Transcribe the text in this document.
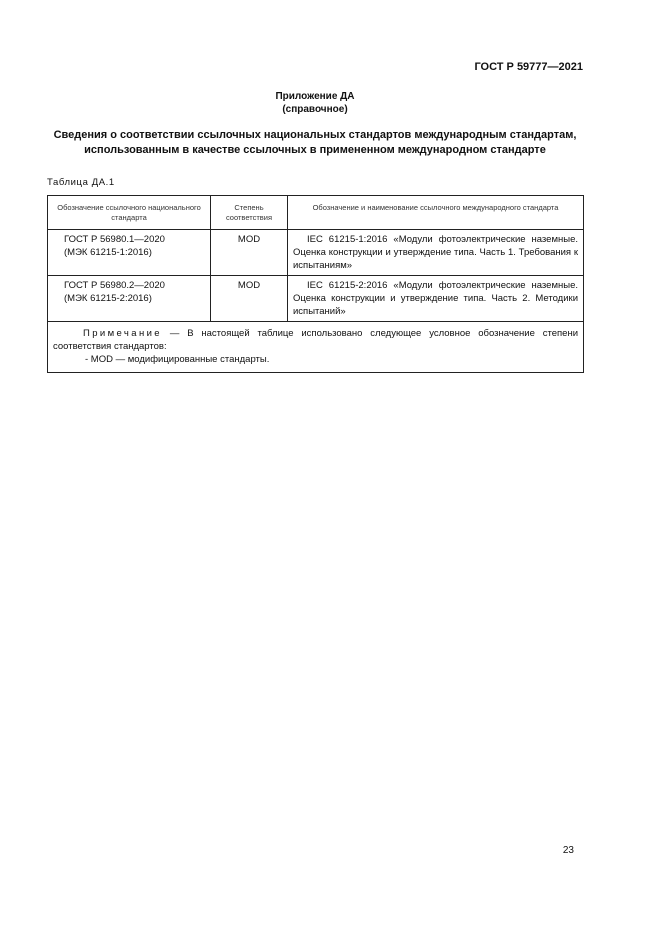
ГОСТ Р 59777—2021
Приложение ДА
(справочное)
Сведения о соответствии ссылочных национальных стандартов международным стандартам, использованным в качестве ссылочных в примененном международном стандарте
Таблица ДА.1
Обозначение ссылочного национального стандарта	Степень соответствия	Обозначение и наименование ссылочного международного стандарта

ГОСТ Р 56980.1—2020
(МЭК 61215-1:2016)	MOD	IEC 61215-1:2016 «Модули фотоэлектрические наземные. Оценка конструкции и утверждение типа. Часть 1. Требования к испытаниям»

ГОСТ Р 56980.2—2020
(МЭК 61215-2:2016)	MOD	IEC 61215-2:2016 «Модули фотоэлектрические наземные. Оценка конструкции и утверждение типа. Часть 2. Методики испытаний»

Примечание — В настоящей таблице использовано следующее условное обозначение степени соответствия стандартов:
- MOD — модифицированные стандарты.		
23
